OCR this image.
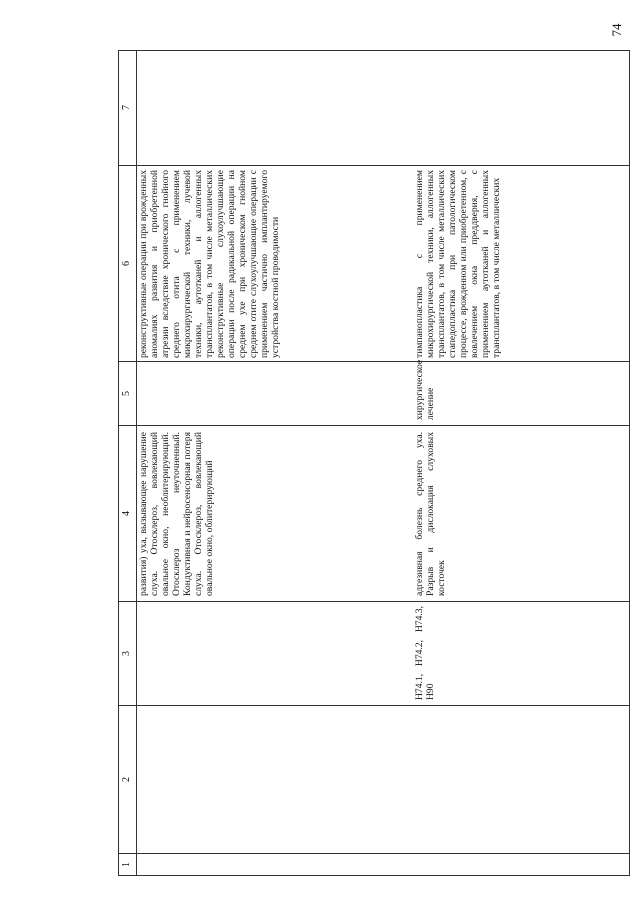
74
1
2
3
4
5
6
7
развития) уха, вызывающее нарушение слуха. Отосклероз, вовлекающий овальное окно, необлитерирующий. Отосклероз неуточненный. Кондуктивная и нейросенсорная потеря слуха. Отосклероз, вовлекающий овальное окно, облитерирующий
реконструктивные операции при врожденных аномалиях развития и приобретенной атрезии вследствие хронического гнойного среднего отита с применением микрохирургической техники, лучевой техники, аутотканей и аллогенных трансплантатов, в том числе металлических реконструктивные слухоулучшающие операции после радикальной операции на среднем ухе при хроническом гнойном среднем отите слухоулучшающие операции с применением частично имплантируемого устройства костной проводимости
H74.1, H74.2, H74.3, H90
адгезивная болезнь среднего уха. Разрыв и дислокация слуховых косточек
хирургическое лечение
тимпанопластика с применением микрохирургической техники, аллогенных трансплантатов, в том числе металлических стапедопластика при патологическом процессе, врожденном или приобретенном, с вовлечением окна преддверия, с применением аутотканей и аллогенных трансплантатов, в том числе металлических
